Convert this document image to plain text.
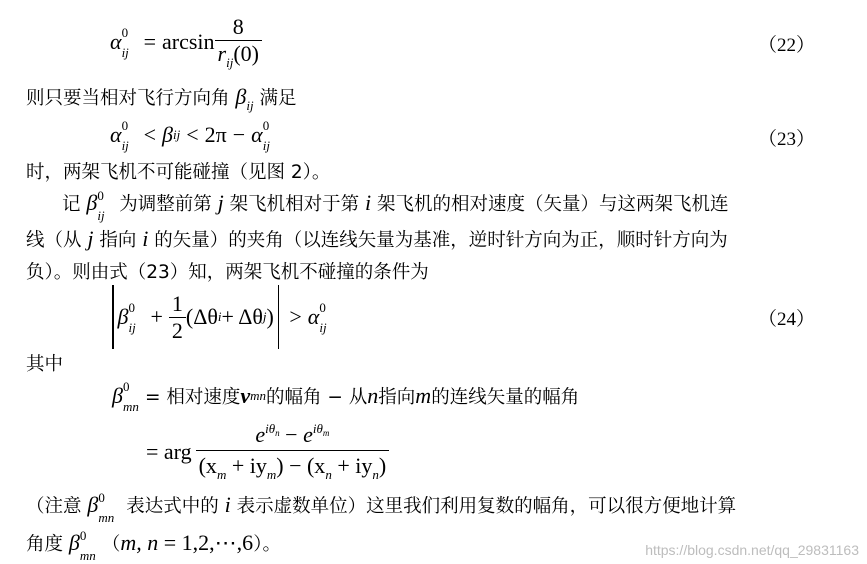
α 0
ij = $\arcsin \frac{8}{r_{ij}(0)}$	（22）
则只要当相对飞行方向角 $\beta_{ij}$ 满足
α 0
ij < β ij < 2π − α 0
ij	（23）
时，两架飞机不可能碰撞（见图 2）。
记 β 0
ij
为调整前第 j 架飞机相对于第 i 架飞机的相对速度（矢量）与这两架飞机连
线（从 j 指向 i 的矢量）的夹角（以连线矢量为基准，逆时针方向为正，顺时针方向为
负）。则由式（23）知，两架飞机不碰撞的条件为
β 0
ij + $\frac{1}{2} (\Delta\theta$ i + Δθ j ) > α 0
ij	（24）
其中
β 0
mn = 相对速度 v mn 的幅角 − 从 n 指向 m 的连线矢量的幅角
= arg $\frac{e^{i\theta n} - e^{i\theta m}}{(x_m + iy_m) - (x_n + iy_n)}$
（注意 β 0
mn
表达式中的 i 表示虚数单位）这里我们利用复数的幅角，可以很方便地计算
角度 β 0
mn
（m, n = 1,2,⋯,6）。	https://blog.csdn.net/qq_29831163
